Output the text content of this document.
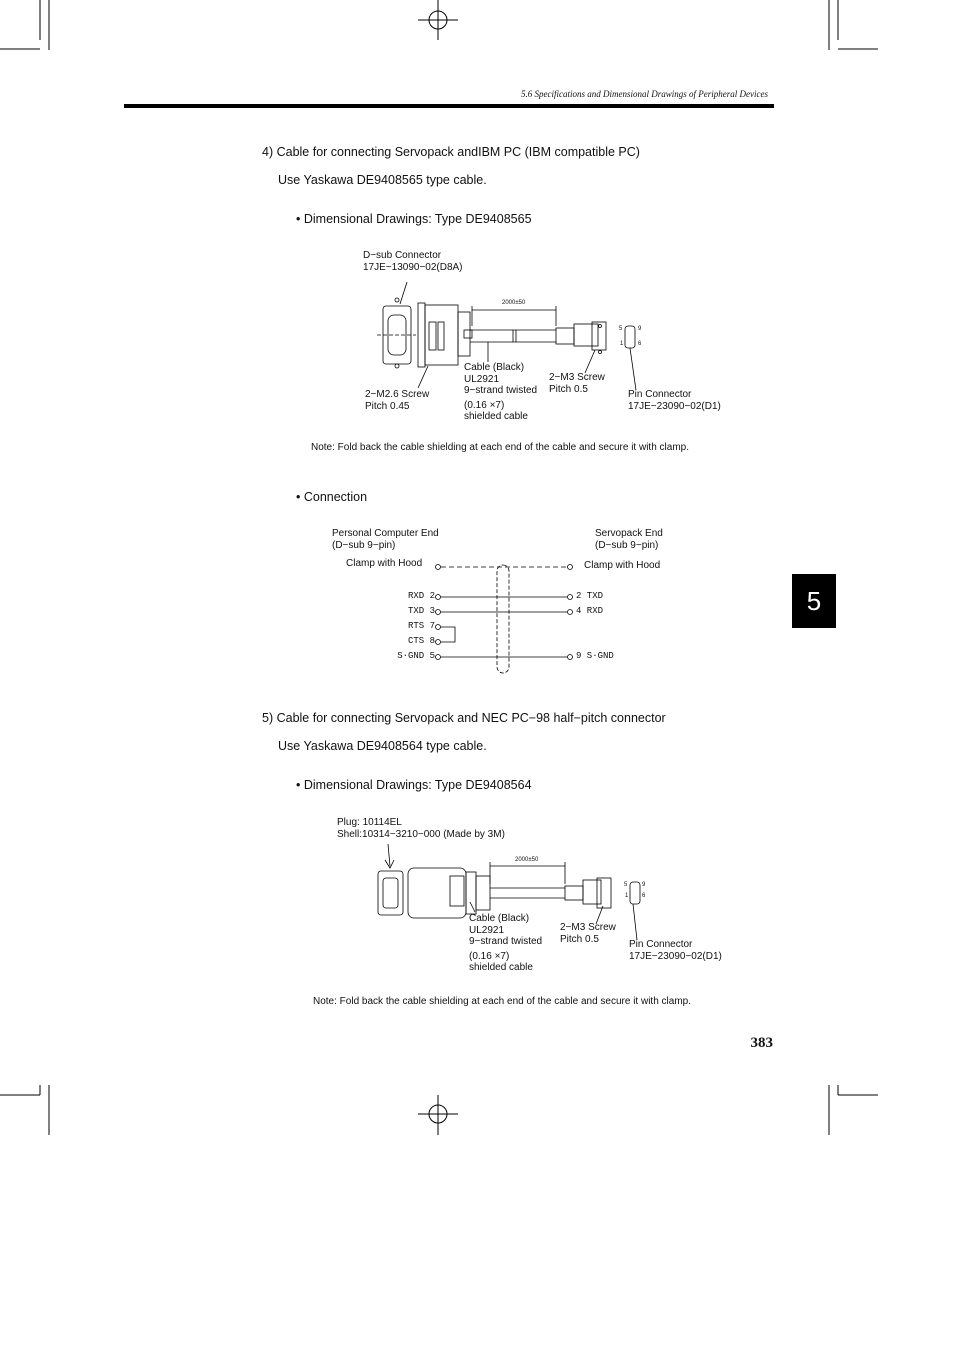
5.6 Specifications and Dimensional Drawings of Peripheral Devices
4) Cable for connecting Servopack andIBM PC (IBM compatible PC)
Use Yaskawa DE9408565 type cable.
• Dimensional Drawings: Type DE9408565
D−sub Connector
17JE−13090−02(D8A)
2000±50
Cable (Black)
UL2921
9−strand twisted
(0.16 ×7)
shielded cable
2−M3 Screw
Pitch 0.5
2−M2.6 Screw
Pitch 0.45
Pin Connector
17JE−23090−02(D1)
5	9
1 6
Note: Fold back the cable shielding at each end of the cable and secure it with clamp.
• Connection
Personal Computer End
(D−sub 9−pin)
Servopack End
(D−sub 9−pin)
Clamp with Hood	Clamp with Hood
RXD 2
TXD 3
RTS 7
CTS 8
S·GND 5
2 TXD
4 RXD
9 S·GND
5) Cable for connecting Servopack and NEC PC−98 half−pitch connector
Use Yaskawa DE9408564 type cable.
• Dimensional Drawings: Type DE9408564
Plug: 10114EL
Shell:10314−3210−000 (Made by 3M)
2000±50
Cable (Black)
UL2921
9−strand twisted
(0.16 ×7)
shielded cable
2−M3 Screw
Pitch 0.5	Pin Connector
17JE−23090−02(D1)
5 9
1 6
Note: Fold back the cable shielding at each end of the cable and secure it with clamp.
5
383
